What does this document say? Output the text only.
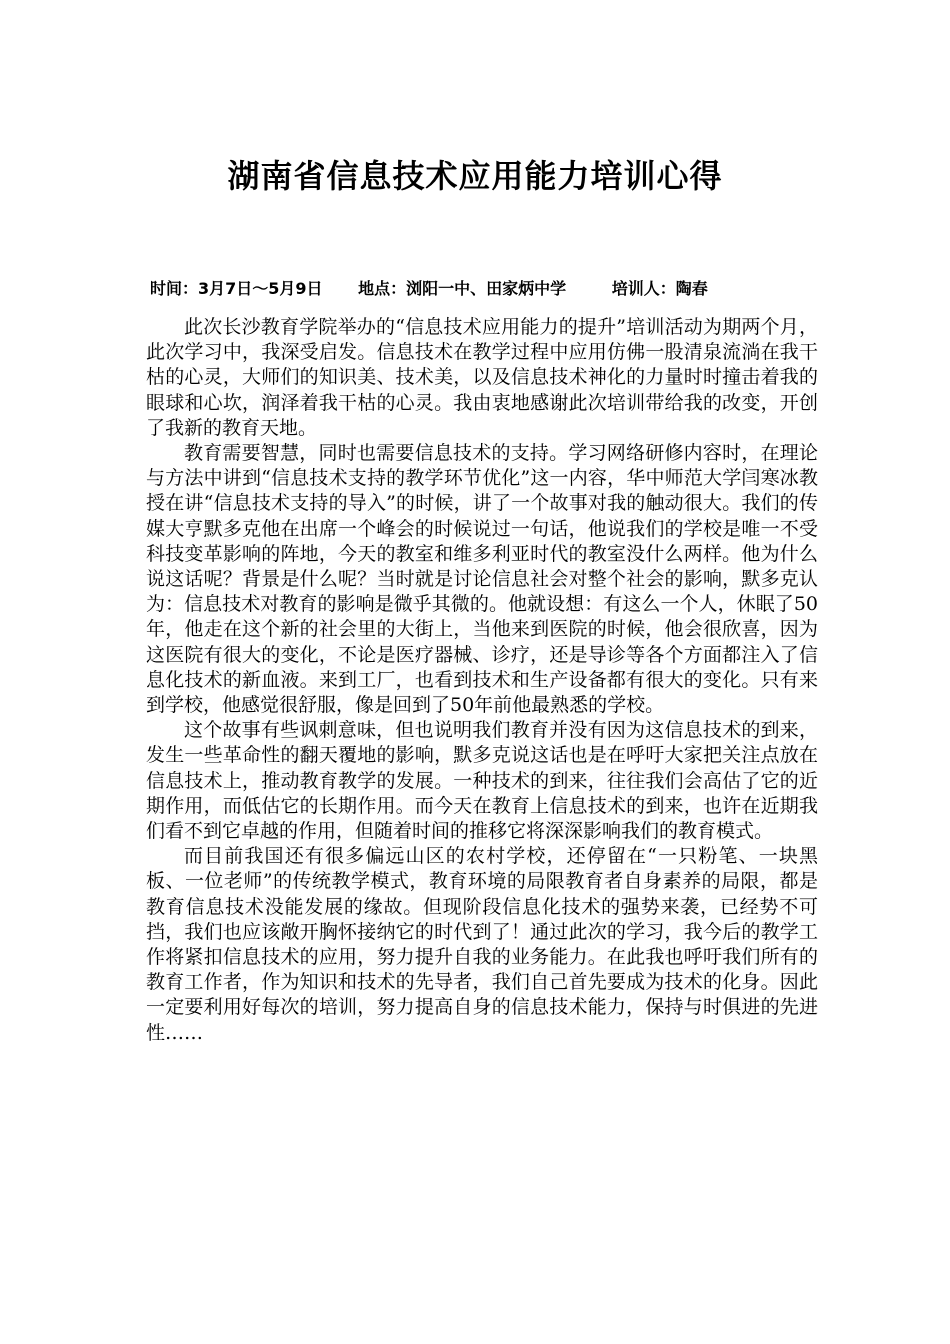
湖南省信息技术应用能力培训心得
时间：3月7日～5月9日 地点：浏阳一中、田家炳中学	培训人：陶春

此次长沙教育学院举办的“信息技术应用能力的提升”培训活动为期两个月，此次学习中，我深受启发。信息技术在教学过程中应用仿佛一股清泉流淌在我干枯的心灵，大师们的知识美、技术美，以及信息技术神化的力量时时撞击着我的眼球和心坎，润泽着我干枯的心灵。我由衷地感谢此次培训带给我的改变，开创了我新的教育天地。

教育需要智慧，同时也需要信息技术的支持。学习网络研修内容时，在理论与方法中讲到“信息技术支持的教学环节优化”这一内容，华中师范大学闫寒冰教授在讲“信息技术支持的导入”的时候，讲了一个故事对我的触动很大。我们的传媒大亨默多克他在出席一个峰会的时候说过一句话，他说我们的学校是唯一不受科技变革影响的阵地，今天的教室和维多利亚时代的教室没什么两样。他为什么说这话呢？背景是什么呢？当时就是讨论信息社会对整个社会的影响，默多克认为：信息技术对教育的影响是微乎其微的。他就设想：有这么一个人，休眠了50年，他走在这个新的社会里的大街上，当他来到医院的时候，他会很欣喜，因为这医院有很大的变化，不论是医疗器械、诊疗，还是导诊等各个方面都注入了信息化技术的新血液。来到工厂，也看到技术和生产设备都有很大的变化。只有来到学校，他感觉很舒服，像是回到了50年前他最熟悉的学校。

这个故事有些讽刺意味，但也说明我们教育并没有因为这信息技术的到来，发生一些革命性的翻天覆地的影响，默多克说这话也是在呼吁大家把关注点放在信息技术上，推动教育教学的发展。一种技术的到来，往往我们会高估了它的近期作用，而低估它的长期作用。而今天在教育上信息技术的到来，也许在近期我们看不到它卓越的作用，但随着时间的推移它将深深影响我们的教育模式。

而目前我国还有很多偏远山区的农村学校，还停留在“一只粉笔、一块黑板、一位老师”的传统教学模式，教育环境的局限教育者自身素养的局限，都是教育信息技术没能发展的缘故。但现阶段信息化技术的强势来袭，已经势不可挡，我们也应该敞开胸怀接纳它的时代到了！通过此次的学习，我今后的教学工作将紧扣信息技术的应用，努力提升自我的业务能力。在此我也呼吁我们所有的教育工作者，作为知识和技术的先导者，我们自己首先要成为技术的化身。因此一定要利用好每次的培训，努力提高自身的信息技术能力，保持与时俱进的先进性……
